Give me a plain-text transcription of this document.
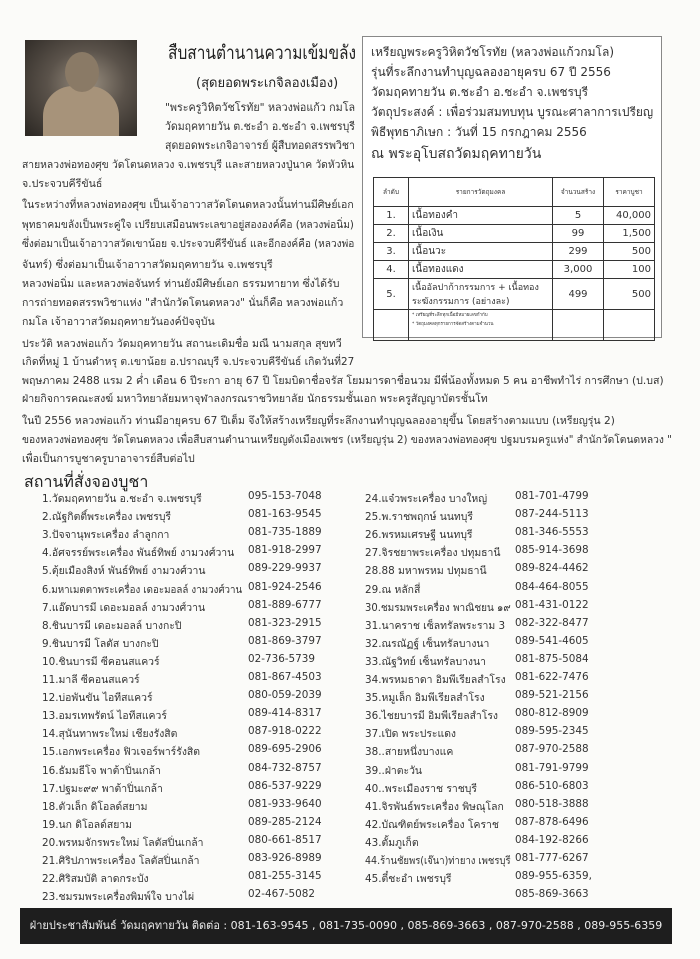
สืบสานตำนานความเข้มขลัง
(สุดยอดพระเกจิลองเมือง)
"พระครูวิหิตวัชโรทัย" หลวงพ่อแก้ว กมโล
วัดมฤคทายวัน ต.ชะอำ อ.ชะอำ จ.เพชรบุรี
สุดยอดพระเกจิอาจารย์ ผู้สืบทอดสรรพวิชา
สายหลวงพ่อทองศุข วัดโตนดหลวง จ.เพชรบุรี และสายหลวงปู่นาค วัดหัวหิน
จ.ประจวบคีรีขันธ์
ในระหว่างที่หลวงพ่อทองศุข เป็นเจ้าอาวาสวัดโตนดหลวงนั้นท่านมีศิษย์เอก
พุทธาคมขลังเป็นพระคู่ใจ เปรียบเสมือนพระเลขาอยู่สององค์คือ (หลวงพ่อนิ่ม)
ซึ่งต่อมาเป็นเจ้าอาวาสวัดเขาน้อย จ.ประจวบคีรีขันธ์ และอีกองค์คือ (หลวงพ่อ
จันทร์) ซึ่งต่อมาเป็นเจ้าอาวาสวัดมฤคทายวัน จ.เพชรบุรี
หลวงพ่อนิ่ม และหลวงพ่อจันทร์ ท่านยังมีศิษย์เอก ธรรมทายาท ซึ่งได้รับ
การถ่ายทอดสรรพวิชาแห่ง "สำนักวัดโตนดหลวง" นั่นก็คือ หลวงพ่อแก้ว
กมโล เจ้าอาวาสวัดมฤคทายวันองค์ปัจจุบัน
ประวัติ หลวงพ่อแก้ว วัดมฤคทายวัน สถานะเดิมชื่อ มณี นามสกุล สุขทวี
เกิดที่หมู่ 1 บ้านดำหรุ ต.เขาน้อย อ.ปราณบุรี จ.ประจวบคีรีขันธ์ เกิดวันที่27
พฤษภาคม 2488 แรม 2 ค่ำ เดือน 6 ปีระกา อายุ 67 ปี โยมบิดาชื่อจรัส โยมมารดาชื่อนวม มีพี่น้องทั้งหมด 5 คน อาชีพทำไร่ การศึกษา (ป.บส)
ฝ่ายกิจการคณะสงฆ์ มหาวิทยาลัยมหาจุฬาลงกรณราชวิทยาลัย นักธรรมชั้นเอก พระครูสัญญาบัตรชั้นโท
ในปี 2556 หลวงพ่อแก้ว ท่านมีอายุครบ 67 ปีเต็ม จึงให้สร้างเหรียญที่ระลึกงานทำบุญฉลองอายุขึ้น โดยสร้างตามแบบ (เหรียญรุ่น 2)
ของหลวงพ่อทองศุข วัดโตนดหลวง เพื่อสืบสานตำนานเหรียญดังเมืองเพชร (เหรียญรุ่น 2) ของหลวงพ่อทองศุข ปฐมบรมครูแห่ง" สำนักวัดโตนดหลวง "
เพื่อเป็นการบูชาครูบาอาจารย์สืบต่อไป
เหรียญพระครูวิหิตวัชโรทัย (หลวงพ่อแก้วกมโล)
รุ่นที่ระลึกงานทำบุญฉลองอายุครบ 67 ปี 2556
วัดมฤคทายวัน ต.ชะอำ อ.ชะอำ จ.เพชรบุรี
วัตถุประสงค์ : เพื่อร่วมสมทบทุน บูรณะศาลาการเปรียญ
พิธีพุทธาภิเษก : วันที่ 15 กรกฎาคม 2556
ณ พระอุโบสถวัดมฤคทายวัน
ลำดับ	รายการวัตถุมงคล	จำนวนสร้าง	ราคาบูชา
1.	เนื้อทองคำ	5	40,000
2.	เนื้อเงิน	99	1,500
3.	เนื้อนวะ	299	500
4.	เนื้อทองแดง	3,000	100
5.	เนื้ออัลปาก้ากรรมการ + เนื้อทองระฆังกรรมการ (อย่างละ)	499	500

	* เหรียญที่ระลึกทุกเนื้อมีหมายเลขกำกับ
* วัตถุมงคลทุกรายการจัดสร้างตามจำนวน		

สถานที่สั่งจองบูชา
1.วัดมฤคทายวัน อ.ชะอำ จ.เพชรบุรี	095-153-7048
2.ณัฐกิตติ์พระเครื่อง เพชรบุรี	081-163-9545
3.ปัจจานุพระเครื่อง ลำลูกกา	081-735-1889
4.อัศจรรย์พระเครื่อง พันธ์ทิพย์ งามวงศ์วาน 081-918-2997
5.ตุ้ยเมืองสิงห์ พันธ์ทิพย์ งามวงศ์วาน	089-229-9937
6.มหาเมตตาพระเครื่อง เดอะมอลล์ งามวงศ์วาน 081-924-2546
7.แอ๊ดบารมี เดอะมอลล์ งามวงศ์วาน	081-889-6777
8.ชินบารมี เดอะมอลล์ บางกะปิ	081-323-2915
9.ชินบารมี โลตัส บางกะปิ	081-869-3797
10.ชินบารมี ซีคอนสแควร์	02-736-5739
11.มาลี ซีคอนสแควร์	081-867-4503
12.บ่อพันขัน ไอทีสแควร์	080-059-2039
13.อมรเทพรัตน์ ไอทีสแควร์	089-414-8317
14.สุนันทาพระใหม่ เชียงรังสิต	087-918-0222
15.เอกพระเครื่อง ฟิวเจอร์พาร์รังสิต	089-695-2906
16.ธัมมธีโจ พาต้าปิ่นเกล้า	084-732-8757
17.ปฐมะ๙๙ พาต้าปิ่นเกล้า	086-537-9229
18.ตัวเล็ก ดิโอลด์สยาม	081-933-9640
19.นก ดิโอลด์สยาม	089-285-2124
20.พรหมจักรพระใหม่ โลตัสปิ่นเกล้า	080-661-8517
21.ศิริปภาพระเครื่อง โลตัสปิ่นเกล้า	083-926-8989
22.ศิริสมบัติ ลาดกระบัง	081-255-3145
23.ชมรมพระเครื่องพิมพ์ใจ บางไผ่	02-467-5082
24.แจ๋วพระเครื่อง บางใหญ่	081-701-4799
25.พ.ราชพฤกษ์ นนทบุรี	087-244-5113
26.พรหมเศรษฐี นนทบุรี	081-346-5553
27.จิรชยาพระเครื่อง ปทุมธานี 085-914-3698
28.88 มหาพรหม ปทุมธานี	089-824-4462
29.ณ หลักสี่	084-464-8055
30.ชมรมพระเครื่อง พาณิชยน ๑๙ 081-431-0122
31.นาคราช เซ็ลทรัลพระราม 3 082-322-8477
32.ณรณัฏฐ์ เซ็นทรัลบางนา 089-541-4605
33.ณัฐวิทย์ เซ็นทรัลบางนา	081-875-5084
34.พรหมธาดา อิมพีเรียลสำโรง 081-622-7476
35.หมูเล็ก อิมพีเรียลสำโรง	089-521-2156
36.ไชยบารมี อิมพีเรียลสำโรง 080-812-8909
37.เปิด พระประแดง	089-595-2345
38..สายหนึ่งบางแค	087-970-2588
39..ฝ่าตะวัน	081-791-9799
40..พระเมืองราช ราชบุรี	086-510-6803
41.จิรพันธ์พระเครื่อง พิษณุโลก 080-518-3888
42.บัณฑิตย์พระเครื่อง โคราช 087-878-6496
43.ตั้มภูเก็ต	084-192-8266
44.ร้านชัยพร(เจ๊นา)ท่ายาง เพชรบุรี 081-777-6267
45.ตี๋ชะอำ เพชรบุรี	089-955-6359,
085-869-3663
ฝ่ายประชาสัมพันธ์ วัดมฤคทายวัน ติดต่อ : 081-163-9545 , 081-735-0090 , 085-869-3663 , 087-970-2588 , 089-955-6359
